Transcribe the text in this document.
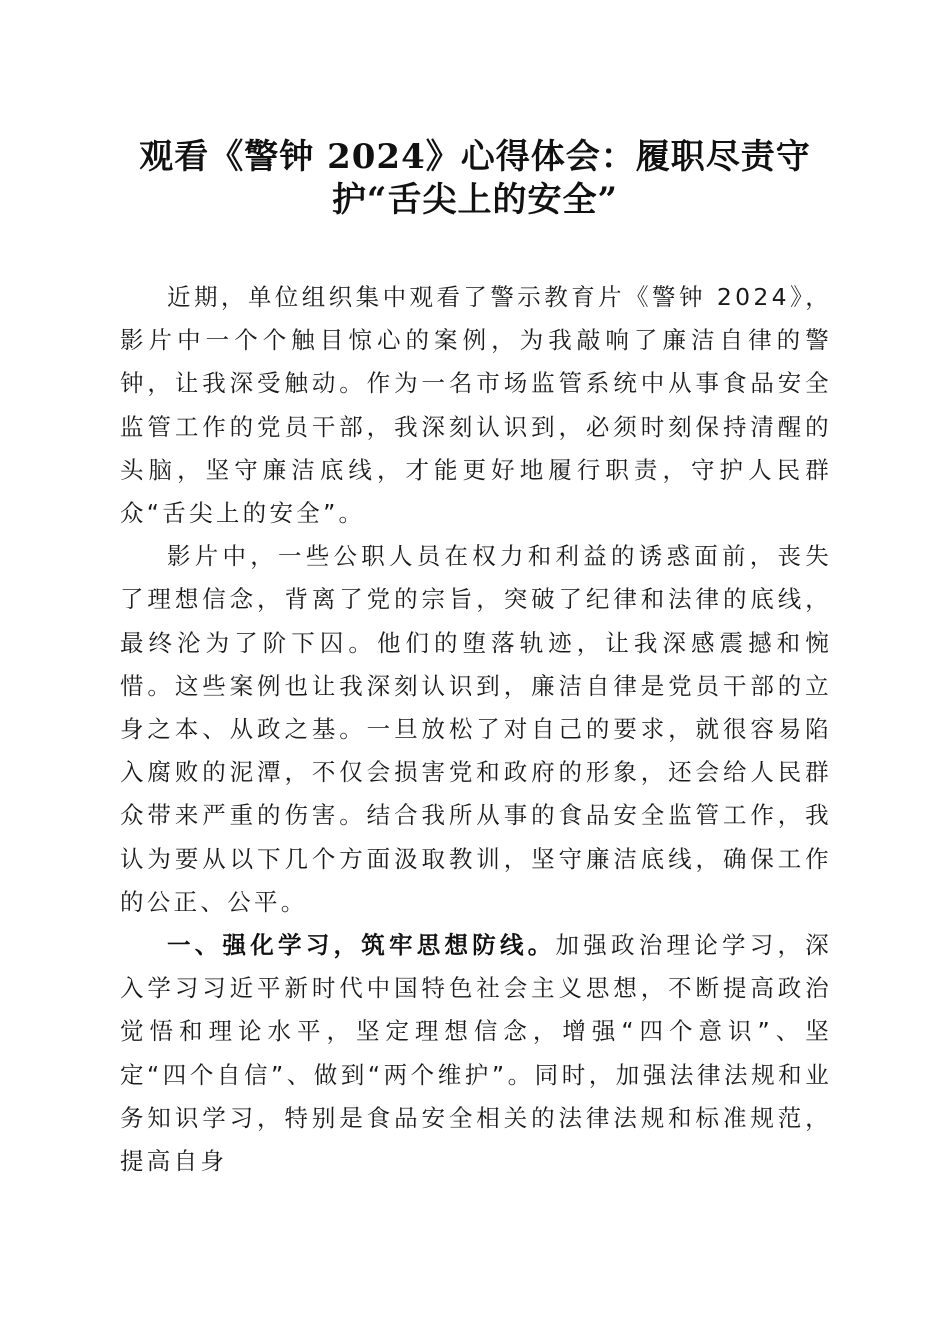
观看《警钟 2024》心得体会：履职尽责守
护“舌尖上的安全”

近期，单位组织集中观看了警示教育片《警钟 2024》，影片中一个个触目惊心的案例，为我敲响了廉洁自律的警钟，让我深受触动。作为一名市场监管系统中从事食品安全监管工作的党员干部，我深刻认识到，必须时刻保持清醒的头脑，坚守廉洁底线，才能更好地履行职责，守护人民群众“舌尖上的安全”。

影片中，一些公职人员在权力和利益的诱惑面前，丧失了理想信念，背离了党的宗旨，突破了纪律和法律的底线，最终沦为了阶下囚。他们的堕落轨迹，让我深感震撼和惋惜。这些案例也让我深刻认识到，廉洁自律是党员干部的立身之本、从政之基。一旦放松了对自己的要求，就很容易陷入腐败的泥潭，不仅会损害党和政府的形象，还会给人民群众带来严重的伤害。结合我所从事的食品安全监管工作，我认为要从以下几个方面汲取教训，坚守廉洁底线，确保工作的公正、公平。

一、强化学习，筑牢思想防线。加强政治理论学习，深入学习习近平新时代中国特色社会主义思想，不断提高政治觉悟和理论水平，坚定理想信念，增强“四个意识”、坚定“四个自信”、做到“两个维护”。同时，加强法律法规和业务知识学习，特别是食品安全相关的法律法规和标准规范，提高自身
